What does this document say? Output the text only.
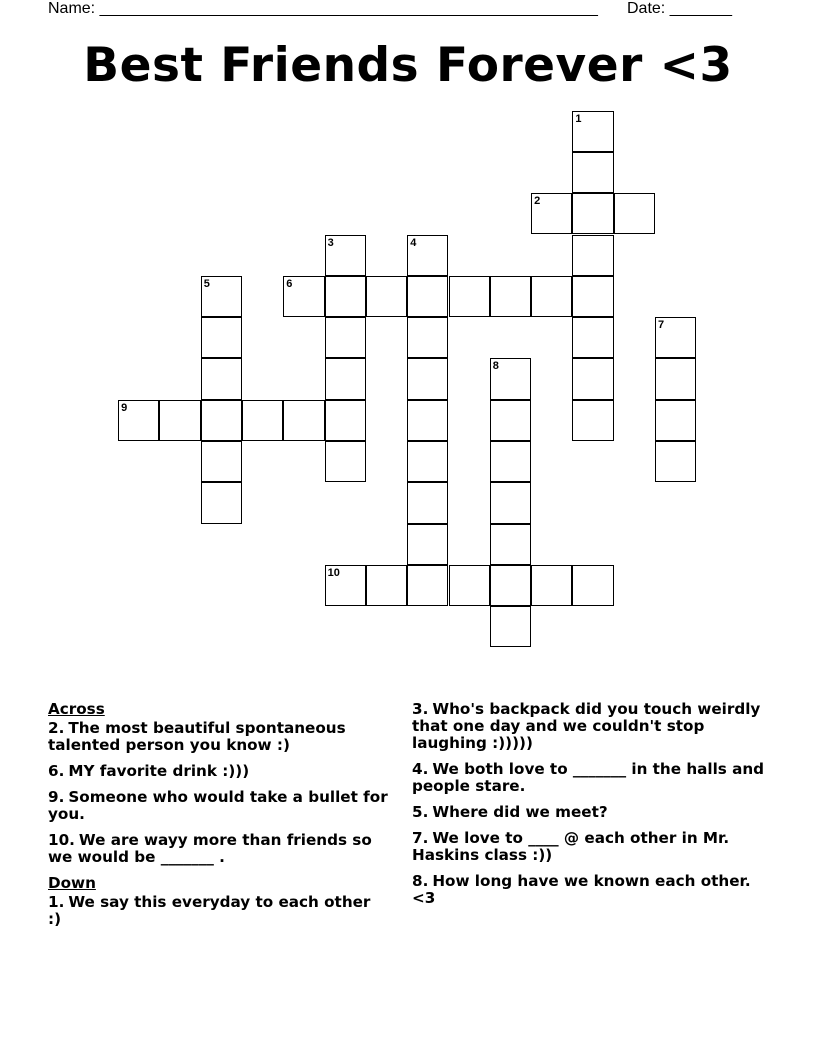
Name: ________________________________________________________ Date: _______
Best Friends Forever <3
1
2
3	4
5	6
7
8
9
10
Across
2. The most beautiful spontaneous talented person you know :)
6. MY favorite drink :)))
9. Someone who would take a bullet for you.
10. We are wayy more than friends so we would be _______ .
Down
1. We say this everyday to each other :)
3. Who's backpack did you touch weirdly that one day and we couldn't stop laughing :)))))
4. We both love to _______ in the halls and people stare.
5. Where did we meet?
7. We love to ____ @ each other in Mr. Haskins class :))
8. How long have we known each other. <3
